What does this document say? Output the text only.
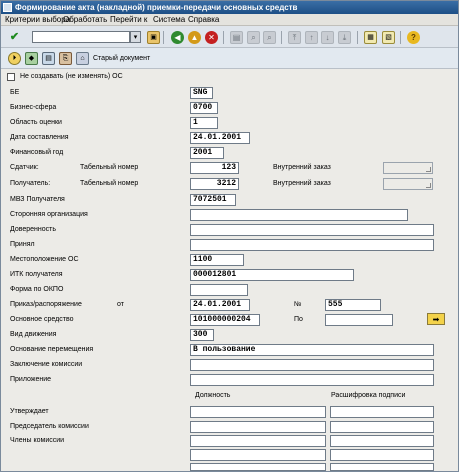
Формирование акта (накладной) приемки-передачи основных средств
Критерии выбора
Обработать Перейти к Система Справка
✔	▾	▣	◀	▲	✕	▤	⌕	⌕	⤒	↑	↓	⤓	▦	▧	?
⏵	◆	▤	⎘	⌂	Старый документ
Не создавать (не изменять) ОС
БЕ	SNG
Бизнес-сфера	0700
Область оценки	1
Дата составления	24.01.2001
Финансовый год	2001
Сдатчик:	Табельный номер	123	Внутренний заказ
Получатель:	Табельный номер	3212	Внутренний заказ
МВЗ Получателя	7072501
Сторонняя организация
Доверенность
Принял
Местоположение ОС	1100
ИТК получателя	000012801
Форма по ОКПО
Приказ/распоряжение	от	24.01.2001	№	555
Основное средство	101000000204	По	➡
Вид движения	300
Основание перемещения	В пользование
Заключение комиссии
Приложение
Должность	Расшифровка подписи
Утверждает
Председатель комиссии
Члены комиссии
